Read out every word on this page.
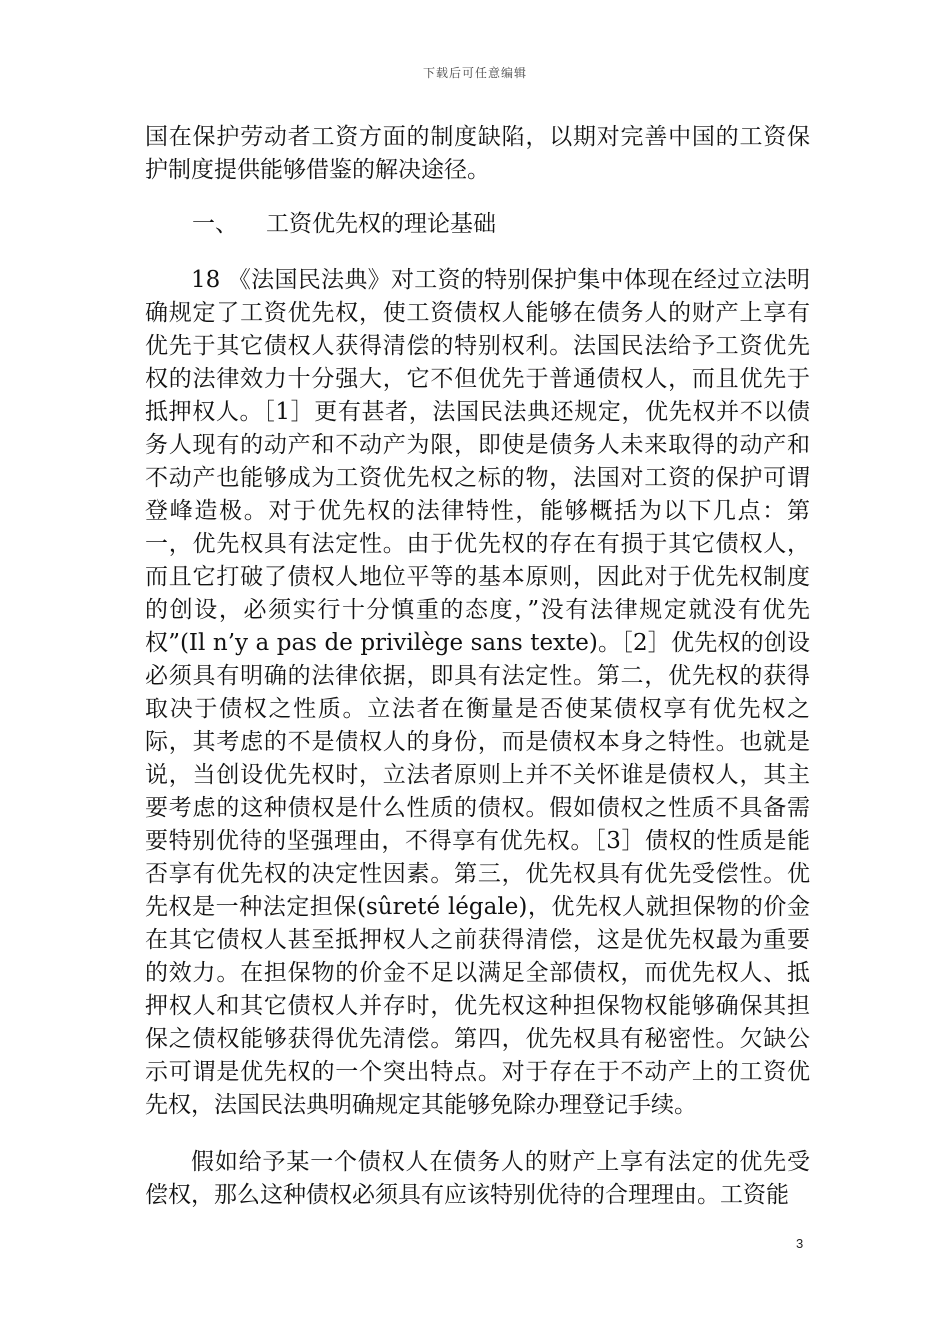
下载后可任意编辑

国在保护劳动者工资方面的制度缺陷，以期对完善中国的工资保护制度提供能够借鉴的解决途径。

一、 工资优先权的理论基础

18 《法国民法典》对工资的特别保护集中体现在经过立法明确规定了工资优先权，使工资债权人能够在债务人的财产上享有优先于其它债权人获得清偿的特别权利。法国民法给予工资优先权的法律效力十分强大，它不但优先于普通债权人，而且优先于抵押权人。［1］更有甚者，法国民法典还规定，优先权并不以债务人现有的动产和不动产为限，即使是债务人未来取得的动产和不动产也能够成为工资优先权之标的物，法国对工资的保护可谓登峰造极。对于优先权的法律特性，能够概括为以下几点：第一，优先权具有法定性。由于优先权的存在有损于其它债权人，而且它打破了债权人地位平等的基本原则，因此对于优先权制度的创设，必须实行十分慎重的态度，”没有法律规定就没有优先权”(Il n’y a pas de privilège sans texte)。［2］优先权的创设必须具有明确的法律依据，即具有法定性。第二，优先权的获得取决于债权之性质。立法者在衡量是否使某债权享有优先权之际，其考虑的不是债权人的身份，而是债权本身之特性。也就是说，当创设优先权时，立法者原则上并不关怀谁是债权人，其主要考虑的这种债权是什么性质的债权。假如债权之性质不具备需要特别优待的坚强理由，不得享有优先权。［3］债权的性质是能否享有优先权的决定性因素。第三，优先权具有优先受偿性。优先权是一种法定担保(sûreté légale)，优先权人就担保物的价金在其它债权人甚至抵押权人之前获得清偿，这是优先权最为重要的效力。在担保物的价金不足以满足全部债权，而优先权人、抵押权人和其它债权人并存时，优先权这种担保物权能够确保其担保之债权能够获得优先清偿。第四，优先权具有秘密性。欠缺公示可谓是优先权的一个突出特点。对于存在于不动产上的工资优先权，法国民法典明确规定其能够免除办理登记手续。

假如给予某一个债权人在债务人的财产上享有法定的优先受偿权，那么这种债权必须具有应该特别优待的合理理由。工资能

3
